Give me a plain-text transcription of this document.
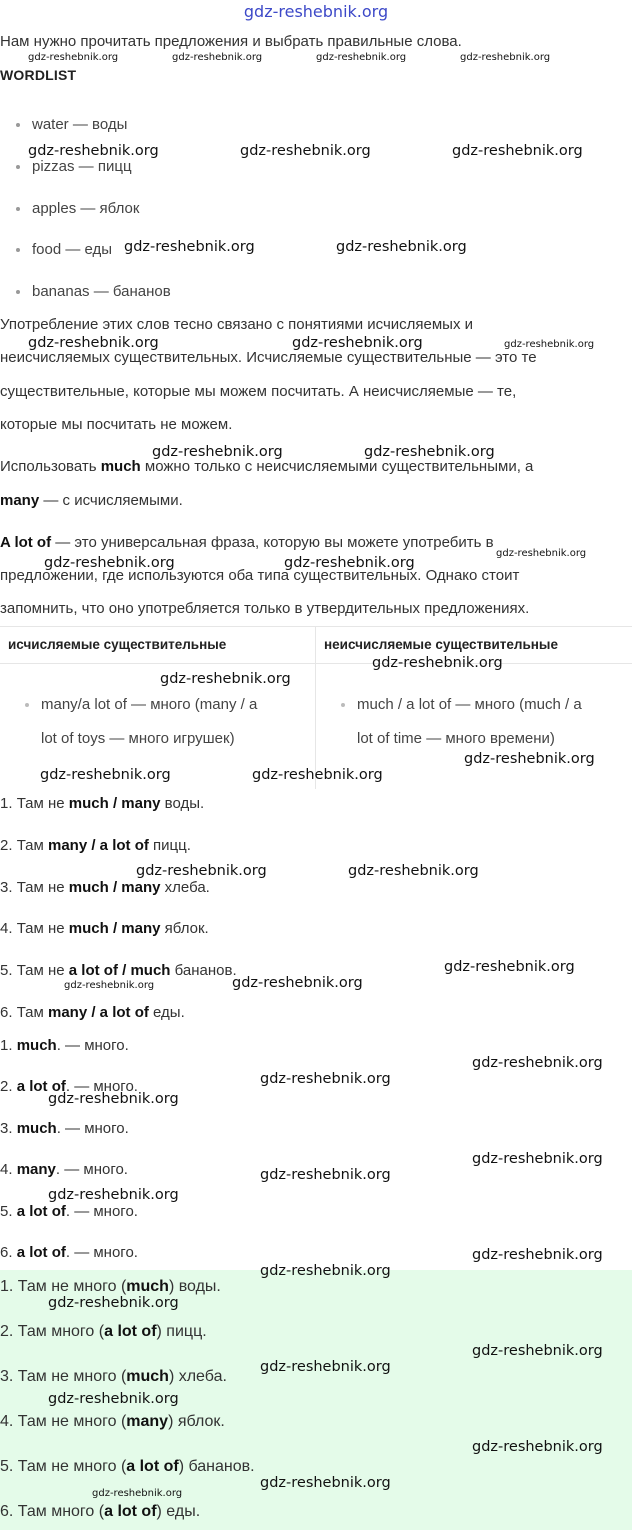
gdz-reshebnik.org
Нам нужно прочитать предложения и выбрать правильные слова.
WORDLIST
water — воды
pizzas — пицц
apples — яблок
food — еды
bananas — бананов
Употребление этих слов тесно связано с понятиями исчисляемых и
неисчисляемых существительных. Исчисляемые существительные — это те
существительные, которые мы можем посчитать. А неисчисляемые — те,
которые мы посчитать не можем.
Использовать much можно только с неисчисляемыми существительными, а
many — с исчисляемыми.
A lot of — это универсальная фраза, которую вы можете употребить в
предложении, где используются оба типа существительных. Однако стоит
запомнить, что оно употребляется только в утвердительных предложениях.
исчисляемые существительные	неисчисляемые существительные
many/a lot of — много (many / a
lot of toys — много игрушек)
much / a lot of — много (much / a
lot of time — много времени)
1. Там не much / many воды.
2. Там many / a lot of пицц.
3. Там не much / many хлеба.
4. Там не much / many яблок.
5. Там не a lot of / much бананов.
6. Там many / a lot of еды.
1. much. — много.
2. a lot of. — много.
3. much. — много.
4. many. — много.
5. a lot of. — много.
6. a lot of. — много.
1. Там не много (much) воды.
2. Там много (a lot of) пицц.
3. Там не много (much) хлеба.
4. Там не много (many) яблок.
5. Там не много (a lot of) бананов.
6. Там много (a lot of) еды.
gdz-reshebnik.org	gdz-reshebnik.org	gdz-reshebnik.org	gdz-reshebnik.org
gdz-reshebnik.org	gdz-reshebnik.org	gdz-reshebnik.org
gdz-reshebnik.org	gdz-reshebnik.org
gdz-reshebnik.org	gdz-reshebnik.org	gdz-reshebnik.org
gdz-reshebnik.org	gdz-reshebnik.org
gdz-reshebnik.org	gdz-reshebnik.org
gdz-reshebnik.org
gdz-reshebnik.org
gdz-reshebnik.org
gdz-reshebnik.org
gdz-reshebnik.org	gdz-reshebnik.org
gdz-reshebnik.org	gdz-reshebnik.org
gdz-reshebnik.org
gdz-reshebnik.org	gdz-reshebnik.org
gdz-reshebnik.org
gdz-reshebnik.org
gdz-reshebnik.org
gdz-reshebnik.org
gdz-reshebnik.org
gdz-reshebnik.org
gdz-reshebnik.org
gdz-reshebnik.org
gdz-reshebnik.org
gdz-reshebnik.org
gdz-reshebnik.org
gdz-reshebnik.org
gdz-reshebnik.org
gdz-reshebnik.org
gdz-reshebnik.org
